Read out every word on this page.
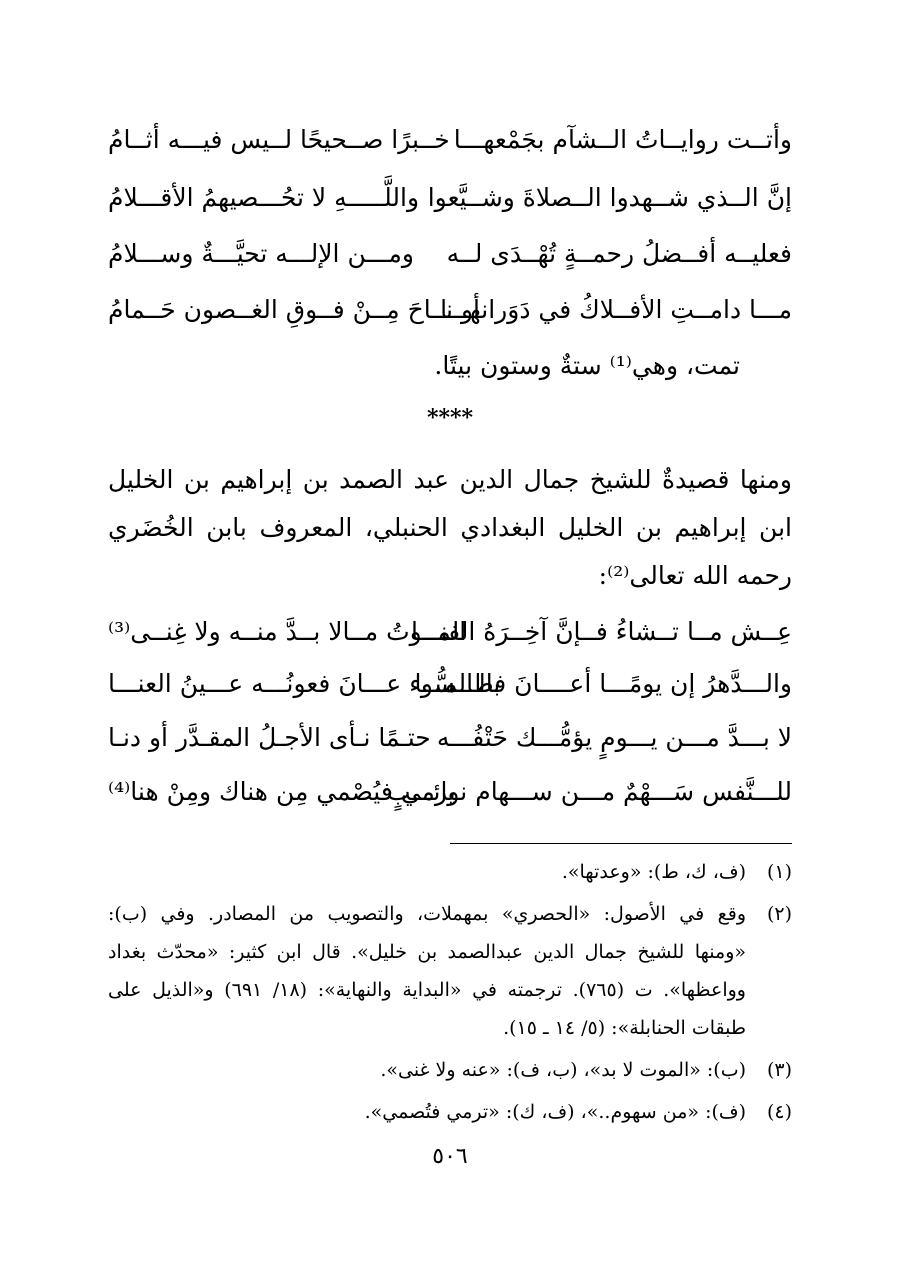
وأتــت روايــاتُ الــشآم بجَمْعهـــا
خــبرًا صــحيحًا لــيس فيـــه أثــامُ
إنَّ الــذي شــهدوا الــصلاةَ وشــيَّعوا
واللَّـــــهِ لا تحُـــصيهمُ الأقـــلامُ
فعليــه أفــضلُ رحمــةٍ تُهْــدَى لــه
ومـــن الإلـــه تحيَّـــةٌ وســـلامُ
مـــا دامــتِ الأفــلاكُ في دَوَرانهـــا
أو نــاحَ مِــنْ فــوقِ الغــصون حَــمامُ
تمت، وهي⁽¹⁾ ستةٌ وستون بيتًا.
****
ومنها قصيدةٌ للشيخ جمال الدين عبد الصمد بن إبراهيم بن الخليل
ابن إبراهيم بن الخليل البغدادي الحنبلي، المعروف بابن الخُضَري
رحمه الله تعالى⁽²⁾:
عِــش مــا تــشاءُ فــإنَّ آخِــرَهُ الفنـــا
المــوتُ مــالا بــدَّ منــه ولا غِنــى⁽³⁾
والـــدَّهرُ إن يومًـــا أعــــانَ فطالمـــا
بالـــسُّوء عـــانَ فعونُـــه عـــينُ العنـــا
لا بـــدَّ مـــن يـــومٍ يؤمُّـــك حَتْفُـــه
حتـمًا نـأى الأجـلُ المقـدَّر أو دنـا
للـــنَّفس سَـــهْمٌ مـــن ســـهام نوائـــبٍ
يرمي فيُصْمي مِن هناك ومِنْ هنا⁽⁴⁾
(١)
(ف، ك، ط): «وعدتها».
(٢)
وقع في الأصول: «الحصري» بمهملات، والتصويب من المصادر. وفي (ب):
«ومنها للشيخ جمال الدين عبدالصمد بن خليل». قال ابن كثير: «محدّث بغداد
وواعظها». ت (٧٦٥). ترجمته في «البداية والنهاية»: (١٨/ ٦٩١) و«الذيل على
طبقات الحنابلة»: (٥/ ١٤ ـ ١٥).
(٣)
(ب): «الموت لا بد»، (ب، ف): «عنه ولا غنى».
(٤)
(ف): «من سهوم..»، (ف، ك): «ترمي فتُصمي».
٥٠٦
